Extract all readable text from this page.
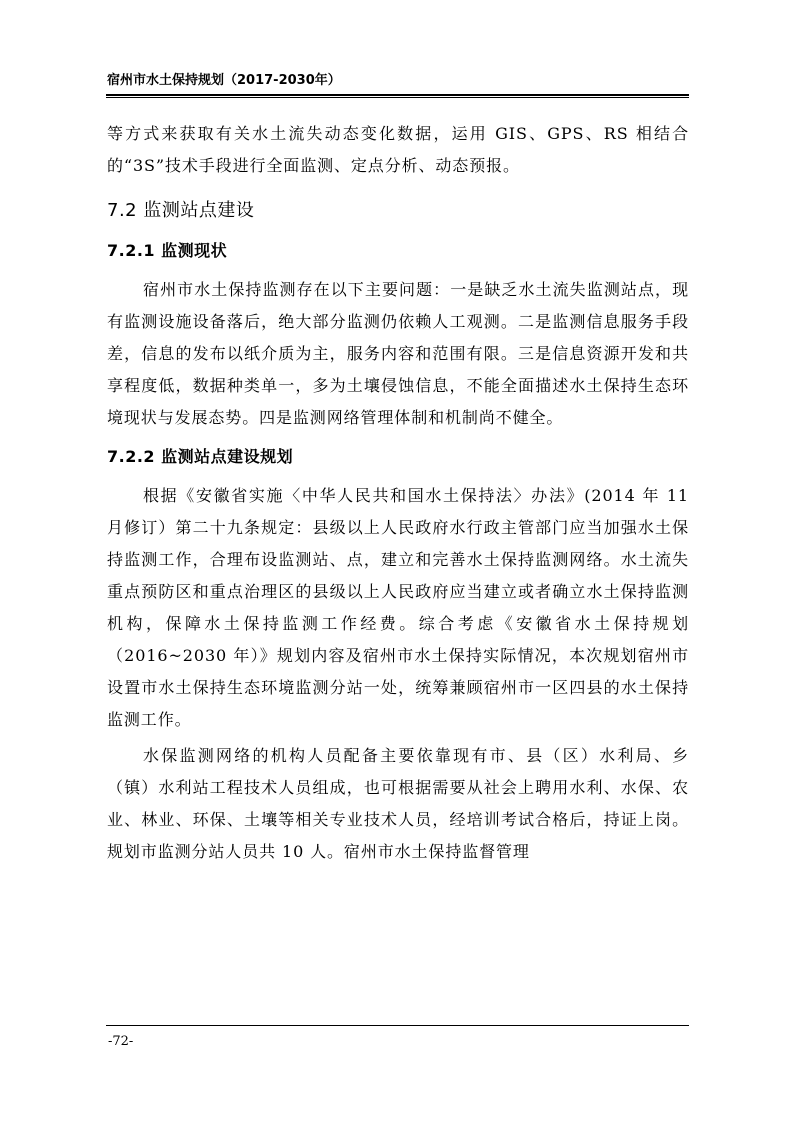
宿州市水土保持规划（2017-2030年）

等方式来获取有关水土流失动态变化数据，运用 GIS、GPS、RS 相结合的“3S”技术手段进行全面监测、定点分析、动态预报。

7.2 监测站点建设
7.2.1 监测现状

宿州市水土保持监测存在以下主要问题：一是缺乏水土流失监测站点，现有监测设施设备落后，绝大部分监测仍依赖人工观测。二是监测信息服务手段差，信息的发布以纸介质为主，服务内容和范围有限。三是信息资源开发和共享程度低，数据种类单一，多为土壤侵蚀信息，不能全面描述水土保持生态环境现状与发展态势。四是监测网络管理体制和机制尚不健全。

7.2.2 监测站点建设规划

根据《安徽省实施〈中华人民共和国水土保持法〉办法》(2014 年 11 月修订）第二十九条规定：县级以上人民政府水行政主管部门应当加强水土保持监测工作，合理布设监测站、点，建立和完善水土保持监测网络。水土流失重点预防区和重点治理区的县级以上人民政府应当建立或者确立水土保持监测机构，保障水土保持监测工作经费。综合考虑《安徽省水土保持规划（2016~2030 年）》规划内容及宿州市水土保持实际情况，本次规划宿州市设置市水土保持生态环境监测分站一处，统筹兼顾宿州市一区四县的水土保持监测工作。

水保监测网络的机构人员配备主要依靠现有市、县（区）水利局、乡（镇）水利站工程技术人员组成，也可根据需要从社会上聘用水利、水保、农业、林业、环保、土壤等相关专业技术人员，经培训考试合格后，持证上岗。规划市监测分站人员共 10 人。宿州市水土保持监督管理

-72-
